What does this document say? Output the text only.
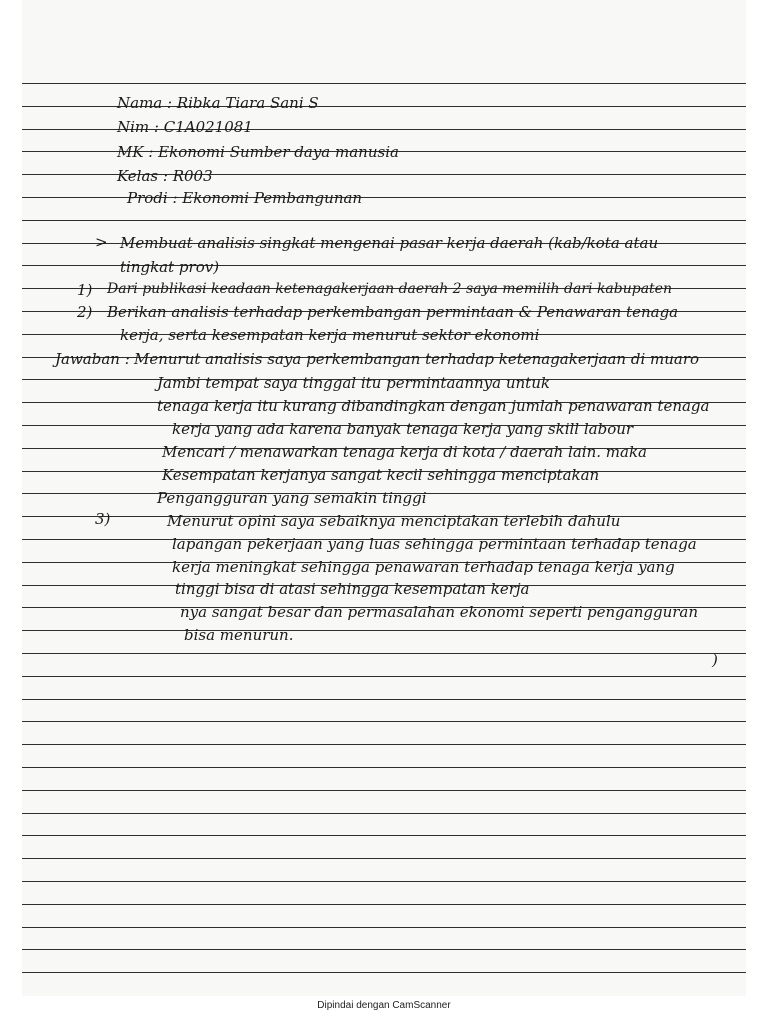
Nama : Ribka Tiara Sani S
Nim : C1A021081
MK : Ekonomi Sumber daya manusia
Kelas : R003
Prodi : Ekonomi Pembangunan
> Membuat analisis singkat mengenai pasar kerja daerah (kab/kota atau
tingkat prov)
1) Dari publikasi keadaan ketenagakerjaan daerah 2 saya memilih dari kabupaten
2) Berikan analisis terhadap perkembangan permintaan & Penawaran tenaga
kerja, serta kesempatan kerja menurut sektor ekonomi
Jawaban : Menurut analisis saya perkembangan terhadap ketenagakerjaan di muaro
Jambi tempat saya tinggal itu permintaannya untuk
tenaga kerja itu kurang dibandingkan dengan jumlah penawaran tenaga
kerja yang ada karena banyak tenaga kerja yang skill labour
Mencari / menawarkan tenaga kerja di kota / daerah lain. maka
Kesempatan kerjanya sangat kecil sehingga menciptakan
Pengangguran yang semakin tinggi
3)	Menurut opini saya sebaiknya menciptakan terlebih dahulu
lapangan pekerjaan yang luas sehingga permintaan terhadap tenaga
kerja meningkat sehingga penawaran terhadap tenaga kerja yang
tinggi bisa di atasi sehingga kesempatan kerja
nya sangat besar dan permasalahan ekonomi seperti pengangguran
bisa menurun.
)
Dipindai dengan CamScanner
